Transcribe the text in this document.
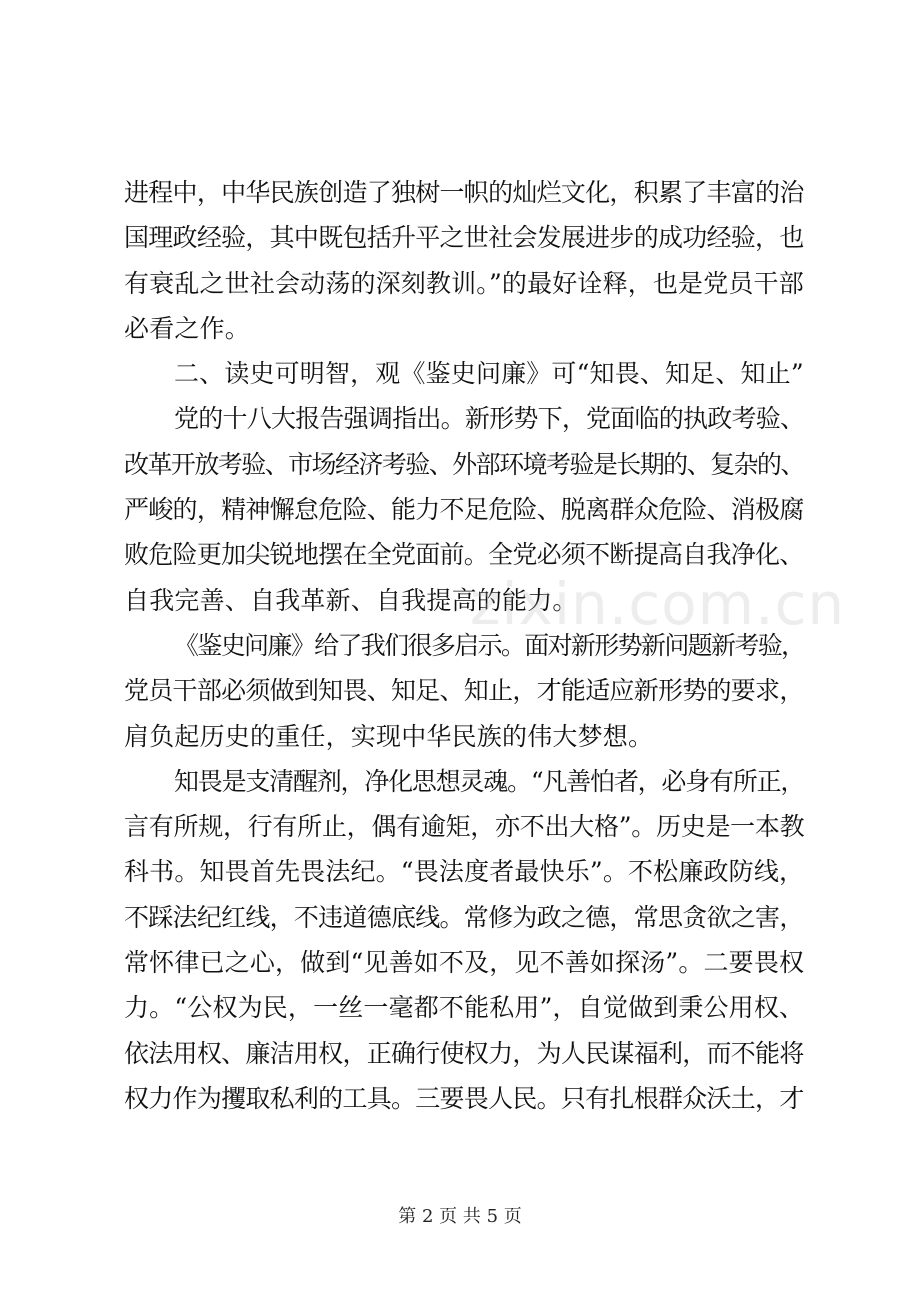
进程中，中华民族创造了独树一帜的灿烂文化，积累了丰富的治
国理政经验，其中既包括升平之世社会发展进步的成功经验，也
有衰乱之世社会动荡的深刻教训。”的最好诠释，也是党员干部
必看之作。
二、读史可明智，观《鉴史问廉》可“知畏、知足、知止”
党的十八大报告强调指出。新形势下，党面临的执政考验、
改革开放考验、市场经济考验、外部环境考验是长期的、复杂的、
严峻的，精神懈怠危险、能力不足危险、脱离群众危险、消极腐
败危险更加尖锐地摆在全党面前。全党必须不断提高自我净化、
自我完善、自我革新、自我提高的能力。
《鉴史问廉》给了我们很多启示。面对新形势新问题新考验，
党员干部必须做到知畏、知足、知止，才能适应新形势的要求，
肩负起历史的重任，实现中华民族的伟大梦想。
知畏是支清醒剂，净化思想灵魂。“凡善怕者，必身有所正，
言有所规，行有所止，偶有逾矩，亦不出大格”。历史是一本教
科书。知畏首先畏法纪。“畏法度者最快乐”。不松廉政防线，
不踩法纪红线，不违道德底线。常修为政之德，常思贪欲之害，
常怀律已之心，做到“见善如不及，见不善如探汤”。二要畏权
力。“公权为民，一丝一毫都不能私用”，自觉做到秉公用权、
依法用权、廉洁用权，正确行使权力，为人民谋福利，而不能将
权力作为攫取私利的工具。三要畏人民。只有扎根群众沃土，才
zixin.com.cn
第 2 页 共 5 页
